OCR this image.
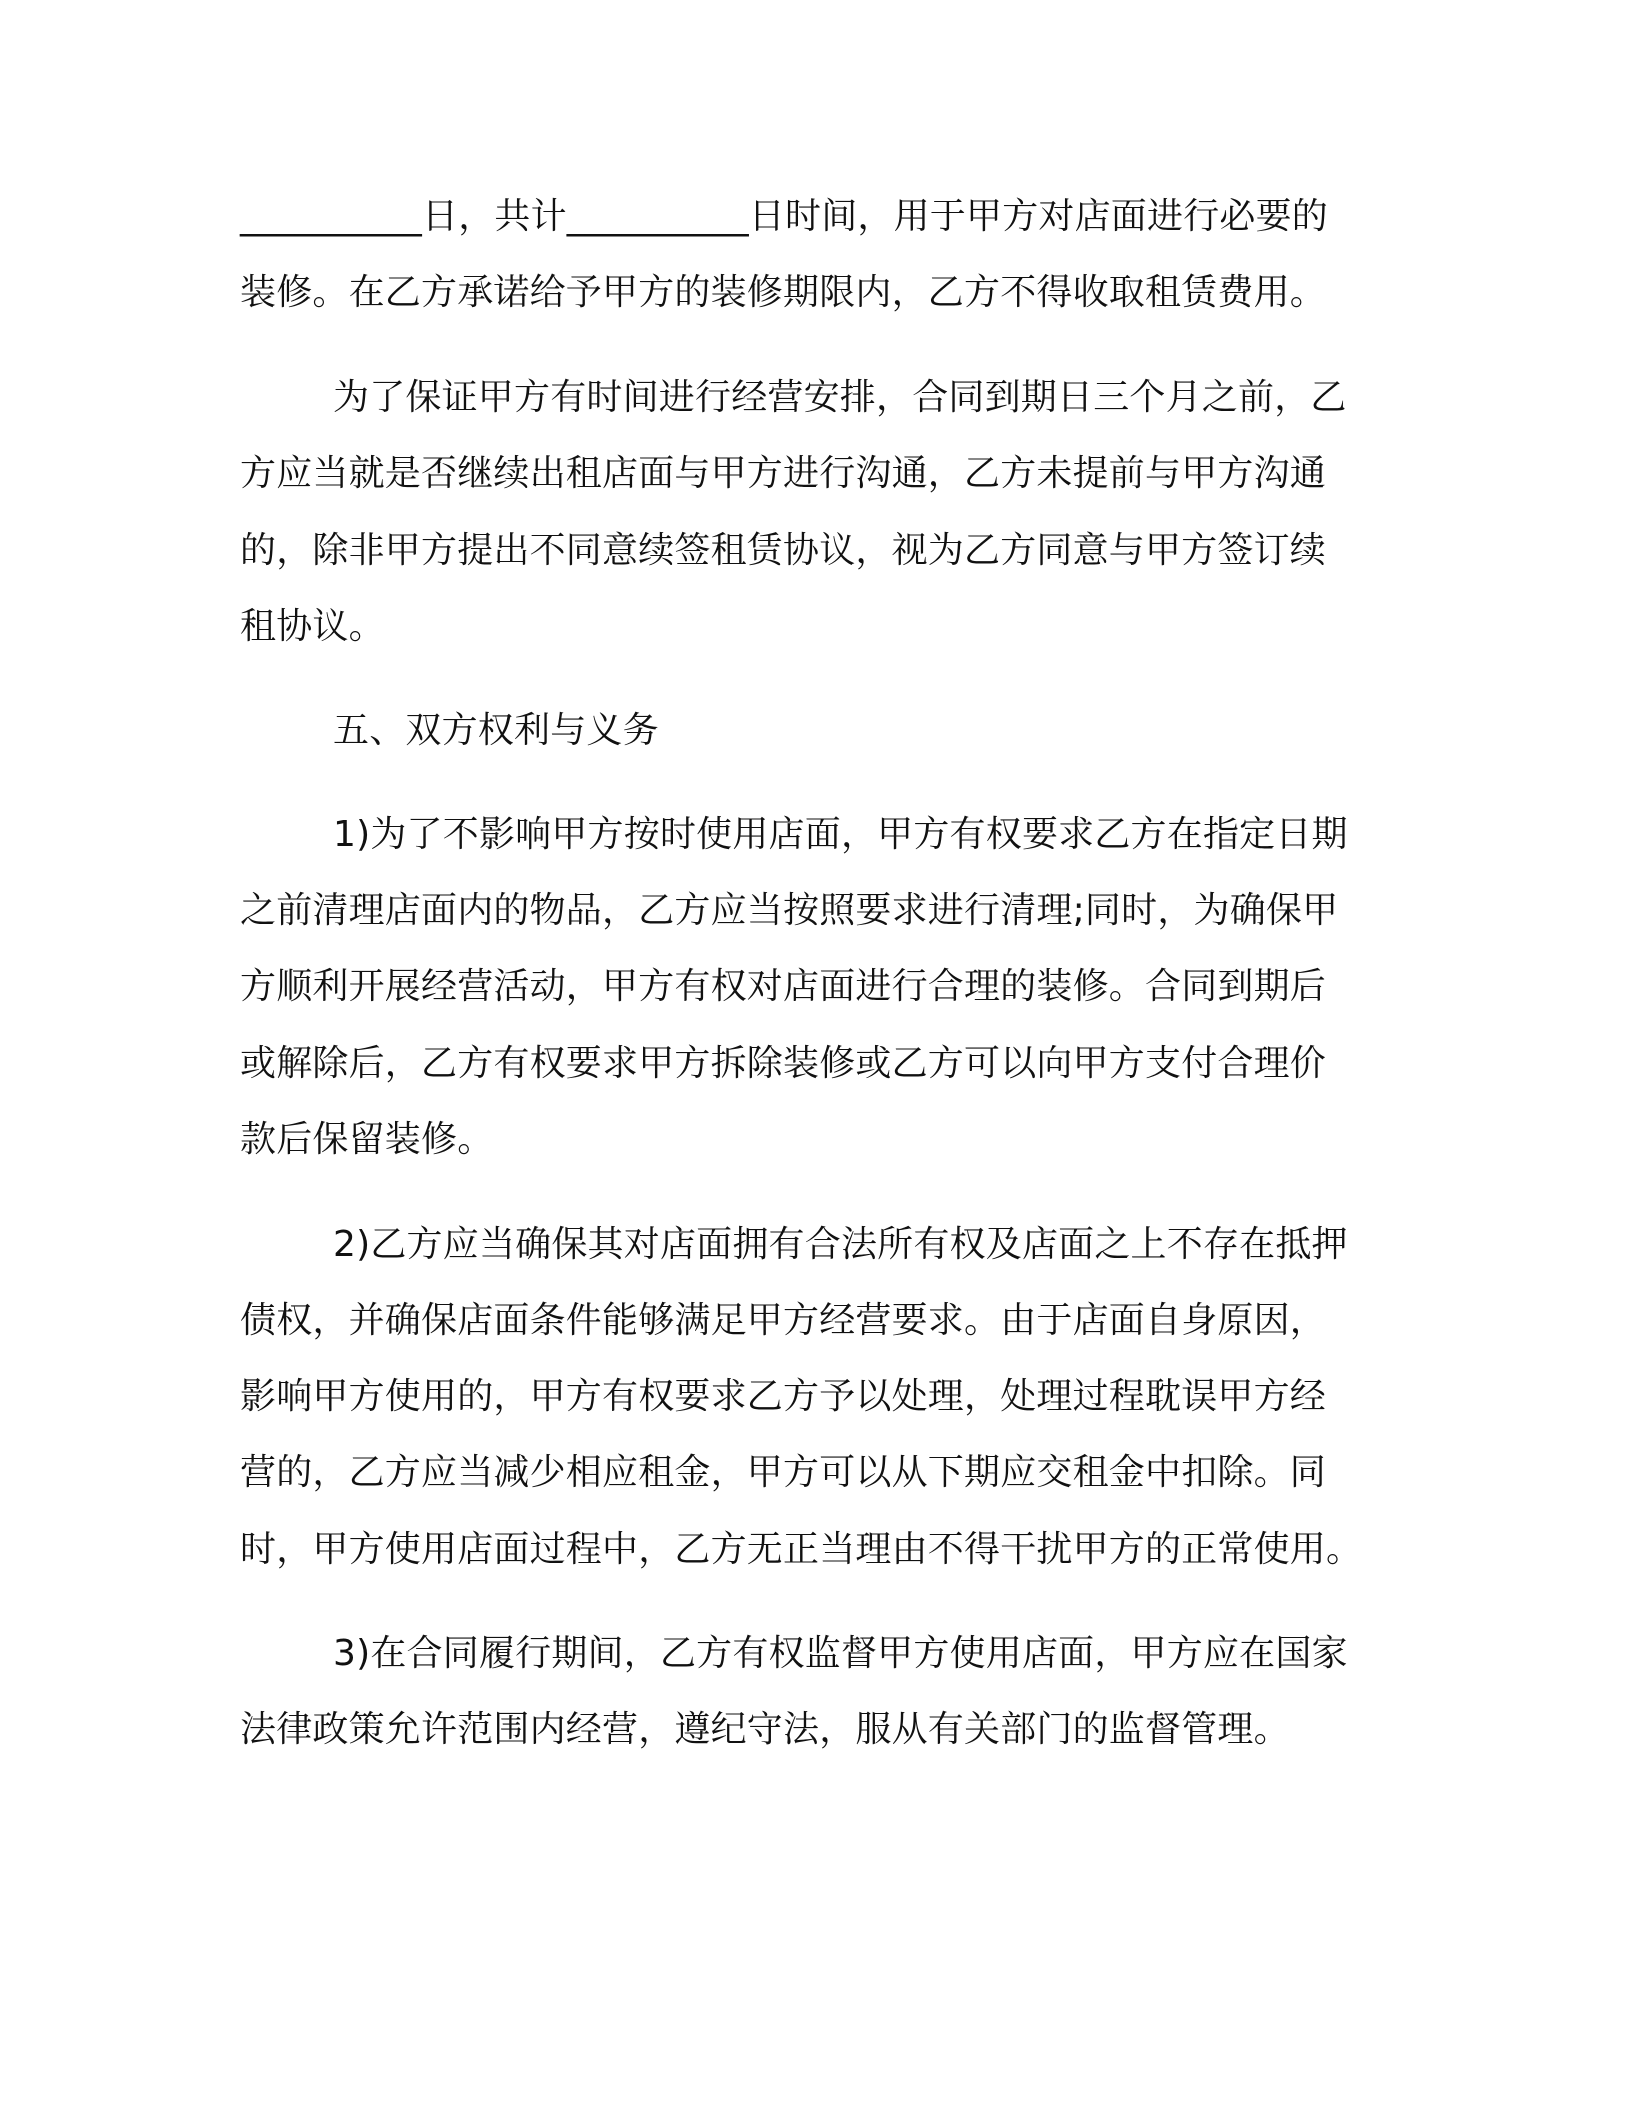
__________日，共计__________日时间，用于甲方对店面进行必要的
装修。在乙方承诺给予甲方的装修期限内，乙方不得收取租赁费用。
为了保证甲方有时间进行经营安排，合同到期日三个月之前，乙
方应当就是否继续出租店面与甲方进行沟通，乙方未提前与甲方沟通
的，除非甲方提出不同意续签租赁协议，视为乙方同意与甲方签订续
租协议。
五、双方权利与义务
1)为了不影响甲方按时使用店面，甲方有权要求乙方在指定日期
之前清理店面内的物品，乙方应当按照要求进行清理;同时，为确保甲
方顺利开展经营活动，甲方有权对店面进行合理的装修。合同到期后
或解除后，乙方有权要求甲方拆除装修或乙方可以向甲方支付合理价
款后保留装修。
2)乙方应当确保其对店面拥有合法所有权及店面之上不存在抵押
债权，并确保店面条件能够满足甲方经营要求。由于店面自身原因，
影响甲方使用的，甲方有权要求乙方予以处理，处理过程耽误甲方经
营的，乙方应当减少相应租金，甲方可以从下期应交租金中扣除。同
时，甲方使用店面过程中，乙方无正当理由不得干扰甲方的正常使用。
3)在合同履行期间，乙方有权监督甲方使用店面，甲方应在国家
法律政策允许范围内经营，遵纪守法，服从有关部门的监督管理。
